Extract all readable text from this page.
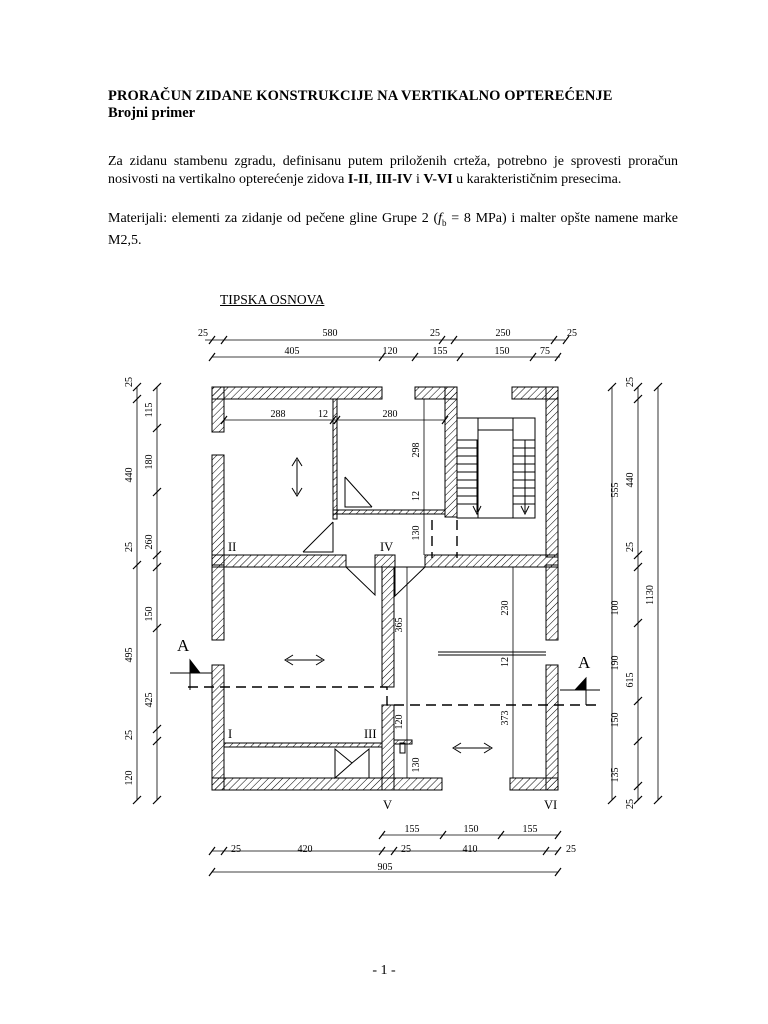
PRORAČUN ZIDANE KONSTRUKCIJE NA VERTIKALNO OPTEREĆENJE
Brojni primer
Za zidanu stambenu zgradu, definisanu putem priloženih crteža, potrebno je sprovesti proračun nosivosti na vertikalno opterećenje zidova I-II, III-IV i V-VI u karakterističnim presecima.
Materijali: elementi za zidanje od pečene gline Grupe 2 ($f_b = 8$ MPa) i malter opšte namene marke M2,5.
TIPSKA OSNOVA
25	580	25	250	25
405	120	155	150	75
288	12	280
155	150	155
25	420	25	410	25
905
25
115
180
260
25
150
425
25
120
440
495
25
25
100
190
150
135
25
440
555
615
1130
298
12
130
365
120
130
230
12
373
I
II
III
IV
V	VI
A
A
- 1 -
